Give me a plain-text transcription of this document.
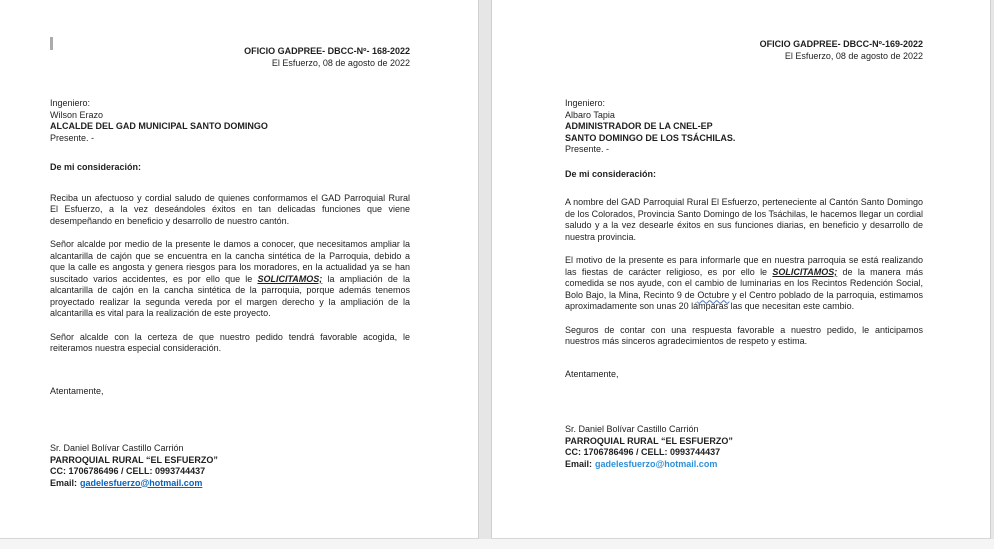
OFICIO GADPREE- DBCC-Nº- 168-2022
El Esfuerzo, 08 de agosto de 2022
Ingeniero:
Wilson Erazo
ALCALDE DEL GAD MUNICIPAL SANTO DOMINGO
Presente. -
De mi consideración:

Reciba un afectuoso y cordial saludo de quienes conformamos el GAD Parroquial Rural El Esfuerzo, a la vez deseándoles éxitos en tan delicadas funciones que viene desempeñando en beneficio y desarrollo de nuestro cantón.

Señor alcalde por medio de la presente le damos a conocer, que necesitamos ampliar la alcantarilla de cajón que se encuentra en la cancha sintética de la Parroquia, debido a que la calle es angosta y genera riesgos para los moradores, en la actualidad ya se han suscitado varios accidentes, es por ello que le SOLICITAMOS; la ampliación de la alcantarilla de cajón en la cancha sintética de la parroquia, porque además tenemos proyectado realizar la segunda vereda por el margen derecho y la ampliación de la alcantarilla es vital para la realización de este proyecto.

Señor alcalde con la certeza de que nuestro pedido tendrá favorable acogida, le reiteramos nuestra especial consideración.

Atentamente,
Sr. Daniel Bolívar Castillo Carrión
PARROQUIAL RURAL “EL ESFUERZO”
CC: 1706786496 / CELL: 0993744437
Email: gadelesfuerzo@hotmail.com
OFICIO GADPREE- DBCC-Nº-169-2022
El Esfuerzo, 08 de agosto de 2022
Ingeniero:
Albaro Tapia
ADMINISTRADOR DE LA CNEL-EP
SANTO DOMINGO DE LOS TSÁCHILAS.
Presente. -
De mi consideración:

A nombre del GAD Parroquial Rural El Esfuerzo, perteneciente al Cantón Santo Domingo de los Colorados, Provincia Santo Domingo de los Tsáchilas, le hacemos llegar un cordial saludo y a la vez desearle éxitos en sus funciones diarias, en beneficio y desarrollo de nuestra provincia.

El motivo de la presente es para informarle que en nuestra parroquia se está realizando las fiestas de carácter religioso, es por ello le SOLICITAMOS; de la manera más comedida se nos ayude, con el cambio de luminarias en los Recintos Redención Social, Bolo Bajo, la Mina, Recinto 9 de Octubre y el Centro poblado de la parroquia, estimamos aproximadamente son unas 20 lámparas las que necesitan este cambio.

Seguros de contar con una respuesta favorable a nuestro pedido, le anticipamos nuestros más sinceros agradecimientos de respeto y estima.

Atentamente,
Sr. Daniel Bolívar Castillo Carrión
PARROQUIAL RURAL “EL ESFUERZO”
CC: 1706786496 / CELL: 0993744437
Email: gadelesfuerzo@hotmail.com
